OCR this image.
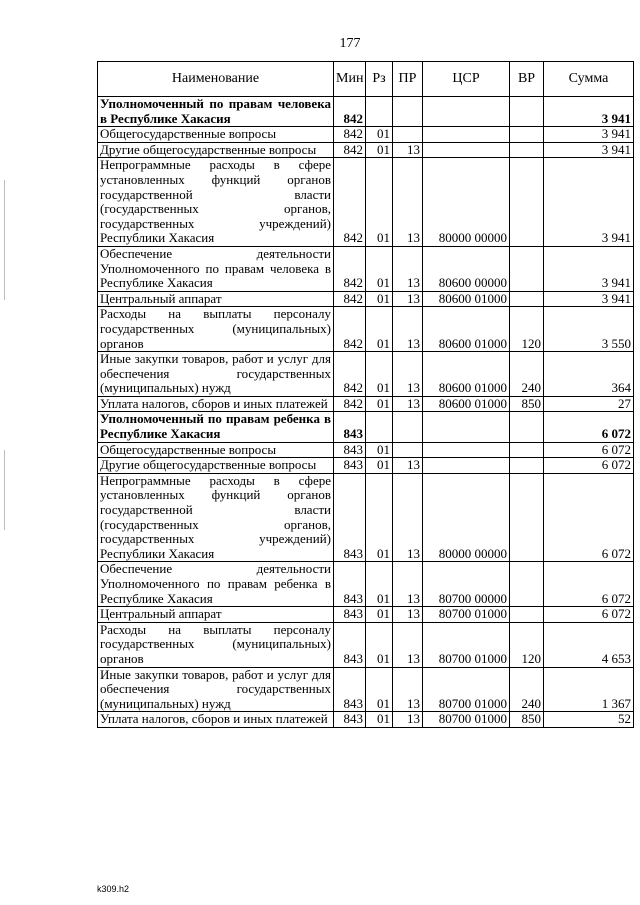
177
Наименование	Мин	Рз	ПР	ЦСР	ВР	Сумма
Уполномоченный по правам человека в Республике Хакасия	842					3 941
Общегосударственные вопросы	842	01				3 941
Другие общегосударственные вопросы	842	01	13			3 941
Непрограммные расходы в сфере установленных функций органов государственной власти (государственных органов, государственных учреждений) Республики Хакасия	842	01	13	80000 00000		3 941
Обеспечение деятельности Уполномоченного по правам человека в Республике Хакасия	842	01	13	80600 00000		3 941
Центральный аппарат	842	01	13	80600 01000		3 941
Расходы на выплаты персоналу государственных (муниципальных) органов	842	01	13	80600 01000	120	3 550
Иные закупки товаров, работ и услуг для обеспечения государственных (муниципальных) нужд	842	01	13	80600 01000	240	364
Уплата налогов, сборов и иных платежей	842	01	13	80600 01000	850	27
Уполномоченный по правам ребенка в Республике Хакасия	843					6 072
Общегосударственные вопросы	843	01				6 072
Другие общегосударственные вопросы	843	01	13			6 072
Непрограммные расходы в сфере установленных функций органов государственной власти (государственных органов, государственных учреждений) Республики Хакасия	843	01	13	80000 00000		6 072
Обеспечение деятельности Уполномоченного по правам ребенка в Республике Хакасия	843	01	13	80700 00000		6 072
Центральный аппарат	843	01	13	80700 01000		6 072
Расходы на выплаты персоналу государственных (муниципальных) органов	843	01	13	80700 01000	120	4 653
Иные закупки товаров, работ и услуг для обеспечения государственных (муниципальных) нужд	843	01	13	80700 01000	240	1 367
Уплата налогов, сборов и иных платежей	843	01	13	80700 01000	850	52
k309.h2
